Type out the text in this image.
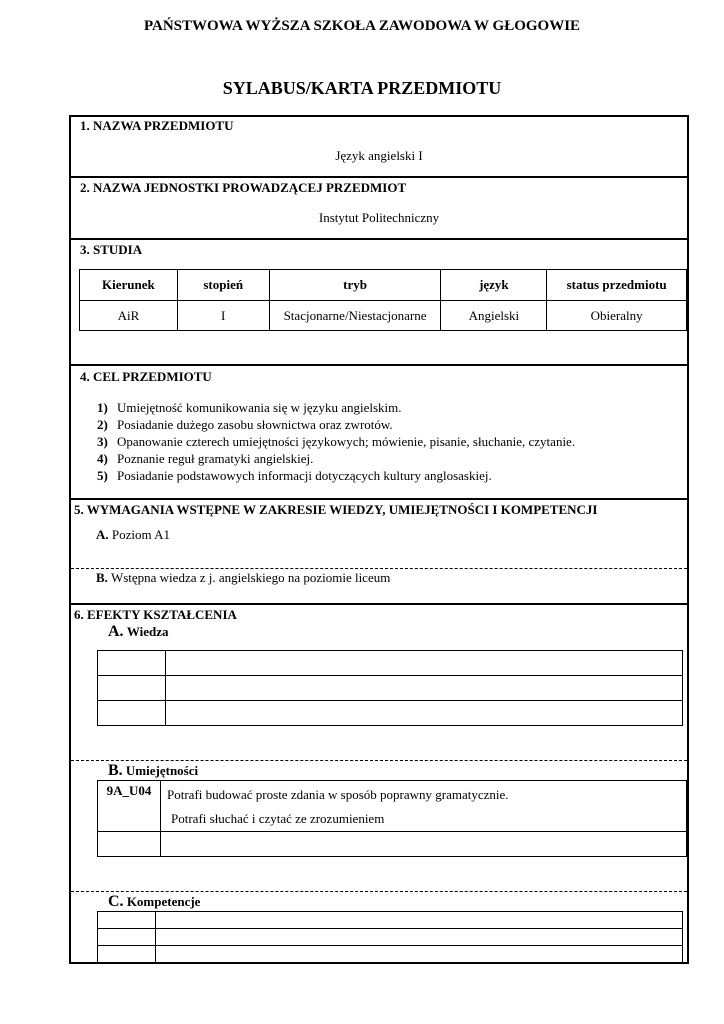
PAŃSTWOWA WYŻSZA SZKOŁA ZAWODOWA W GŁOGOWIE
SYLABUS/KARTA PRZEDMIOTU
1. NAZWA PRZEDMIOTU
Język angielski I
2. NAZWA JEDNOSTKI PROWADZĄCEJ PRZEDMIOT
Instytut Politechniczny
3. STUDIA
Kierunek	stopień	tryb	język	status przedmiotu
AiR	I	Stacjonarne/Niestacjonarne	Angielski	Obieralny
4. CEL PRZEDMIOTU
1) Umiejętność komunikowania się w języku angielskim.
2) Posiadanie dużego zasobu słownictwa oraz zwrotów.
3) Opanowanie czterech umiejętności językowych; mówienie, pisanie, słuchanie, czytanie.
4) Poznanie reguł gramatyki angielskiej.
5) Posiadanie podstawowych informacji dotyczących kultury anglosaskiej.
5. WYMAGANIA WSTĘPNE W ZAKRESIE WIEDZY, UMIEJĘTNOŚCI I KOMPETENCJI
A. Poziom A1
B. Wstępna wiedza z j. angielskiego na poziomie liceum
6. EFEKTY KSZTAŁCENIA
A. Wiedza

B. Umiejętności
9A_U04	Potrafi budować proste zdania w sposób poprawny gramatycznie.
Potrafi słuchać i czytać ze zrozumieniem

C. Kompetencje
